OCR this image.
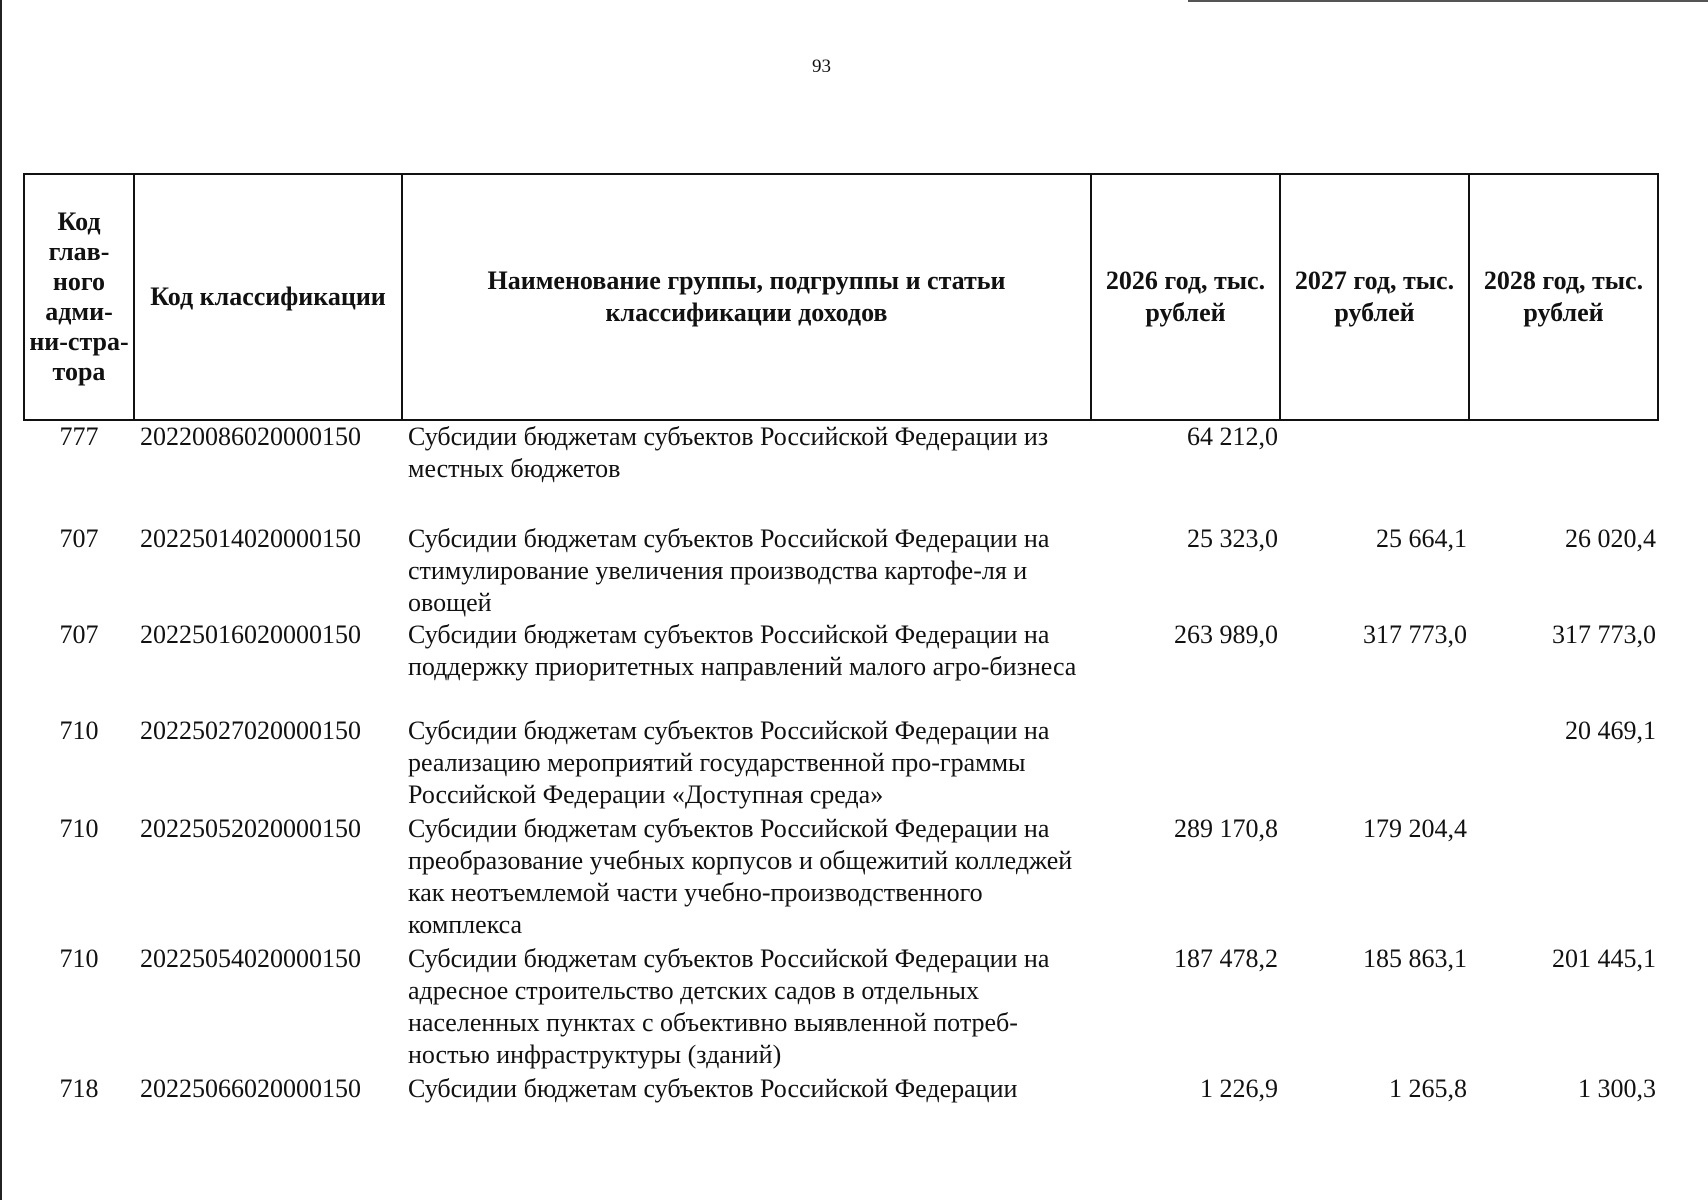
93
Код глав-ного адми-ни-стра-тора	Код классификации	Наименование группы, подгруппы и статьи классификации доходов	2026 год, тыс. рублей	2027 год, тыс. рублей	2028 год, тыс. рублей
777	20220086020000150	Субсидии бюджетам субъектов Российской Федерации из местных бюджетов	64 212,0		
707	20225014020000150	Субсидии бюджетам субъектов Российской Федерации на стимулирование увеличения производства картофе-ля и овощей	25 323,0	25 664,1	26 020,4
707	20225016020000150	Субсидии бюджетам субъектов Российской Федерации на поддержку приоритетных направлений малого агро-бизнеса	263 989,0	317 773,0	317 773,0
710	20225027020000150	Субсидии бюджетам субъектов Российской Федерации на реализацию мероприятий государственной про-граммы Российской Федерации «Доступная среда»			20 469,1
710	20225052020000150	Субсидии бюджетам субъектов Российской Федерации на преобразование учебных корпусов и общежитий колледжей как неотъемлемой части учебно-производственного комплекса	289 170,8	179 204,4	
710	20225054020000150	Субсидии бюджетам субъектов Российской Федерации на адресное строительство детских садов в отдельных населенных пунктах с объективно выявленной потреб-ностью инфраструктуры (зданий)	187 478,2	185 863,1	201 445,1
718	20225066020000150	Субсидии бюджетам субъектов Российской Федерации	1 226,9	1 265,8	1 300,3
